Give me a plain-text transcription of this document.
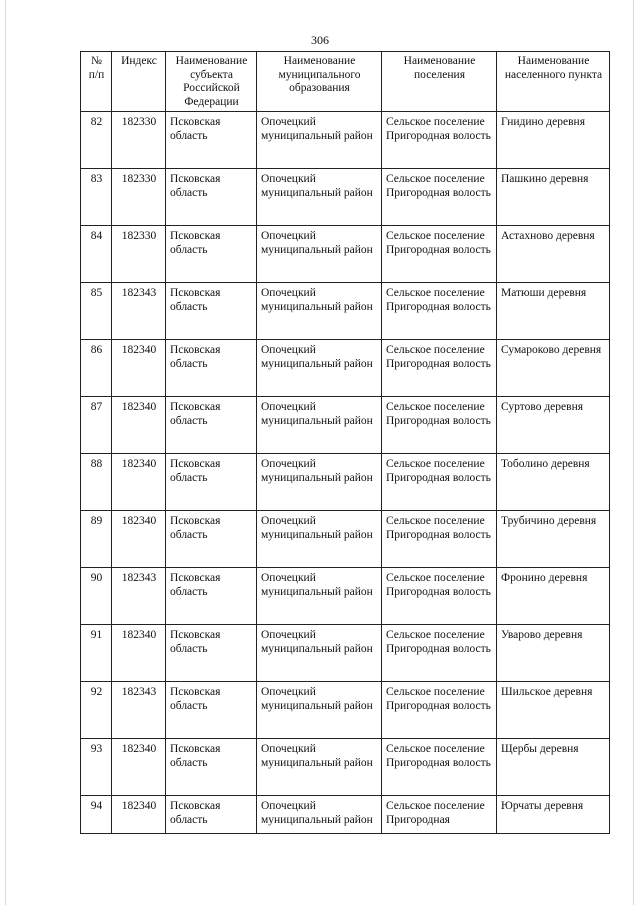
306
№ п/п	Индекс	Наименование субъекта Российской Федерации	Наименование муниципального образования	Наименование поселения	Наименование населенного пункта
82	182330	Псковская область	Опочецкий муниципальный район	Сельское поселение Пригородная волость	Гнидино деревня
83	182330	Псковская область	Опочецкий муниципальный район	Сельское поселение Пригородная волость	Пашкино деревня
84	182330	Псковская область	Опочецкий муниципальный район	Сельское поселение Пригородная волость	Астахново деревня
85	182343	Псковская область	Опочецкий муниципальный район	Сельское поселение Пригородная волость	Матюши деревня
86	182340	Псковская область	Опочецкий муниципальный район	Сельское поселение Пригородная волость	Сумароково деревня
87	182340	Псковская область	Опочецкий муниципальный район	Сельское поселение Пригородная волость	Суртово деревня
88	182340	Псковская область	Опочецкий муниципальный район	Сельское поселение Пригородная волость	Тоболино деревня
89	182340	Псковская область	Опочецкий муниципальный район	Сельское поселение Пригородная волость	Трубичино деревня
90	182343	Псковская область	Опочецкий муниципальный район	Сельское поселение Пригородная волость	Фронино деревня
91	182340	Псковская область	Опочецкий муниципальный район	Сельское поселение Пригородная волость	Уварово деревня
92	182343	Псковская область	Опочецкий муниципальный район	Сельское поселение Пригородная волость	Шильское деревня
93	182340	Псковская область	Опочецкий муниципальный район	Сельское поселение Пригородная волость	Щербы деревня
94	182340	Псковская область	Опочецкий муниципальный район	Сельское поселение Пригородная	Юрчаты деревня
